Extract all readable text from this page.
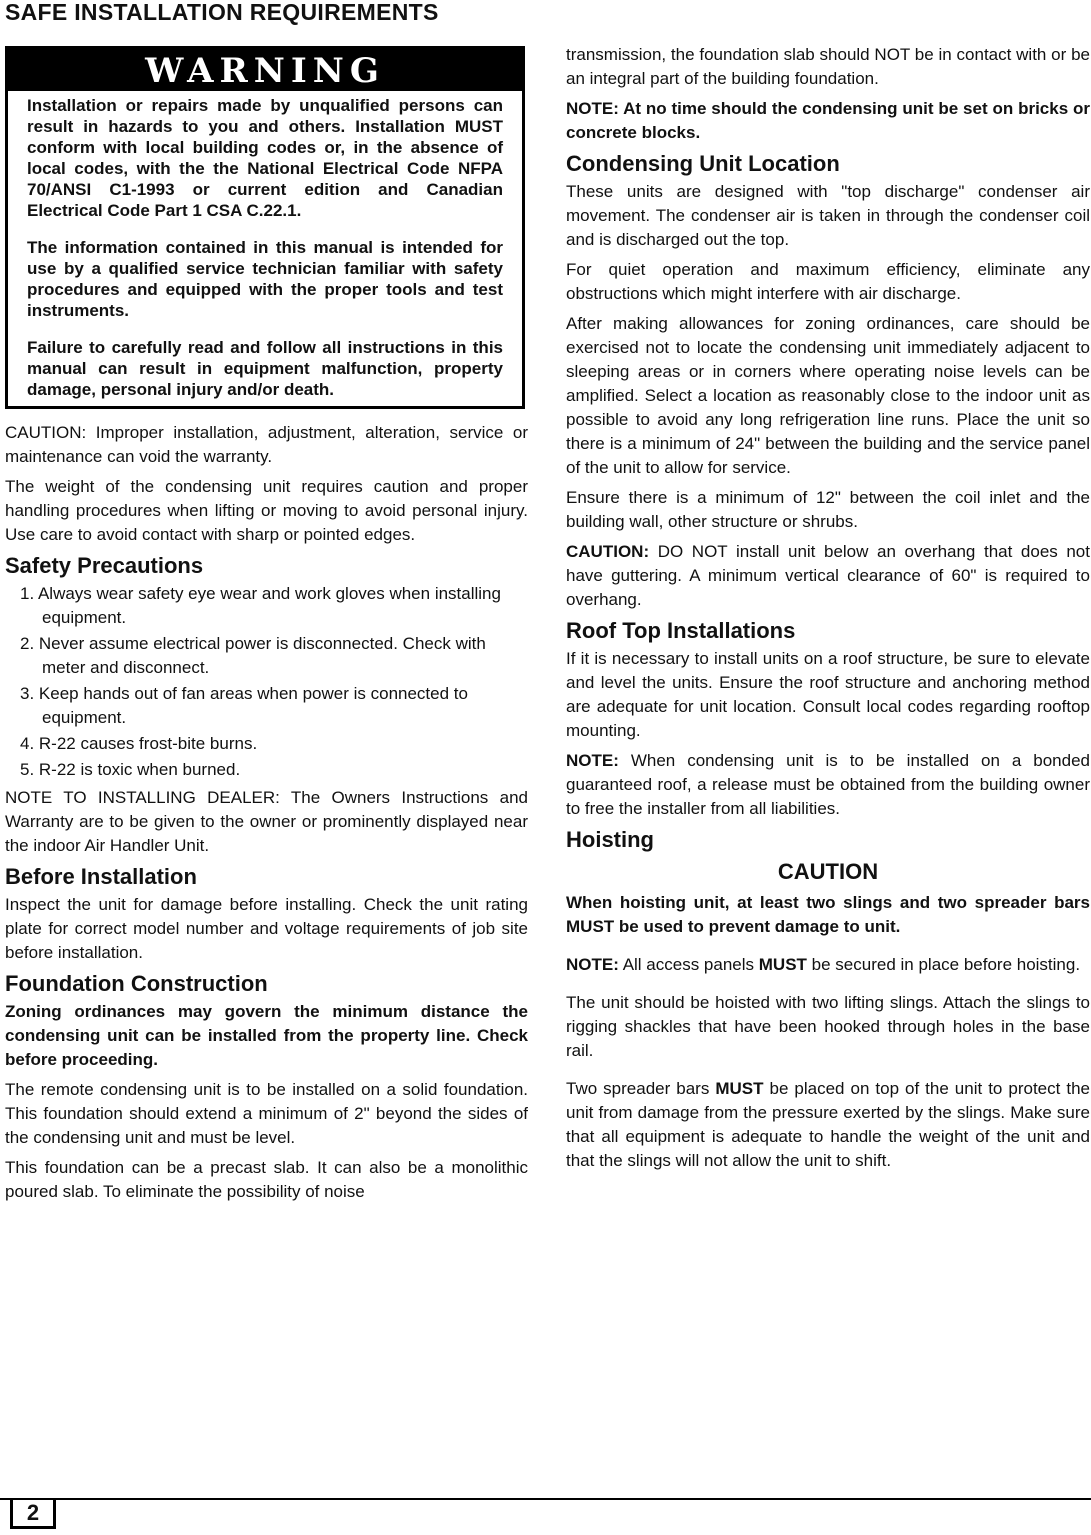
SAFE INSTALLATION REQUIREMENTS
WARNING

Installation or repairs made by unqualified persons can result in hazards to you and others. Installation MUST conform with local building codes or, in the absence of local codes, with the the National Electrical Code NFPA 70/ANSI C1-1993 or current edition and Canadian Electrical Code Part 1 CSA C.22.1.

The information contained in this manual is intended for use by a qualified service technician familiar with safety procedures and equipped with the proper tools and test instruments.

Failure to carefully read and follow all instructions in this manual can result in equipment malfunction, property damage, personal injury and/or death.

CAUTION: Improper installation, adjustment, alteration, service or maintenance can void the warranty.

The weight of the condensing unit requires caution and proper handling procedures when lifting or moving to avoid personal injury. Use care to avoid contact with sharp or pointed edges.

Safety Precautions
1. Always wear safety eye wear and work gloves when installing equipment.
2. Never assume electrical power is disconnected. Check with meter and disconnect.
3. Keep hands out of fan areas when power is connected to equipment.
4. R-22 causes frost-bite burns.
5. R-22 is toxic when burned.

NOTE TO INSTALLING DEALER: The Owners Instructions and Warranty are to be given to the owner or prominently displayed near the indoor Air Handler Unit.

Before Installation

Inspect the unit for damage before installing. Check the unit rating plate for correct model number and voltage requirements of job site before installation.

Foundation Construction

Zoning ordinances may govern the minimum distance the condensing unit can be installed from the property line. Check before proceeding.

The remote condensing unit is to be installed on a solid foundation. This foundation should extend a minimum of 2" beyond the sides of the condensing unit and must be level.

This foundation can be a precast slab. It can also be a monolithic poured slab. To eliminate the possibility of noise

transmission, the foundation slab should NOT be in contact with or be an integral part of the building foundation.

NOTE: At no time should the condensing unit be set on bricks or concrete blocks.

Condensing Unit Location

These units are designed with "top discharge" condenser air movement. The condenser air is taken in through the condenser coil and is discharged out the top.

For quiet operation and maximum efficiency, eliminate any obstructions which might interfere with air discharge.

After making allowances for zoning ordinances, care should be exercised not to locate the condensing unit immediately adjacent to sleeping areas or in corners where operating noise levels can be amplified. Select a location as reasonably close to the indoor unit as possible to avoid any long refrigeration line runs. Place the unit so there is a minimum of 24" between the building and the service panel of the unit to allow for service.

Ensure there is a minimum of 12" between the coil inlet and the building wall, other structure or shrubs.

CAUTION: DO NOT install unit below an overhang that does not have guttering. A minimum vertical clearance of 60" is required to overhang.

Roof Top Installations

If it is necessary to install units on a roof structure, be sure to elevate and level the units. Ensure the roof structure and anchoring method are adequate for unit location. Consult local codes regarding rooftop mounting.

NOTE: When condensing unit is to be installed on a bonded guaranteed roof, a release must be obtained from the building owner to free the installer from all liabilities.

Hoisting
CAUTION

When hoisting unit, at least two slings and two spreader bars MUST be used to prevent damage to unit.

NOTE: All access panels MUST be secured in place before hoisting.

The unit should be hoisted with two lifting slings. Attach the slings to rigging shackles that have been hooked through holes in the base rail.

Two spreader bars MUST be placed on top of the unit to protect the unit from damage from the pressure exerted by the slings. Make sure that all equipment is adequate to handle the weight of the unit and that the slings will not allow the unit to shift.

2
